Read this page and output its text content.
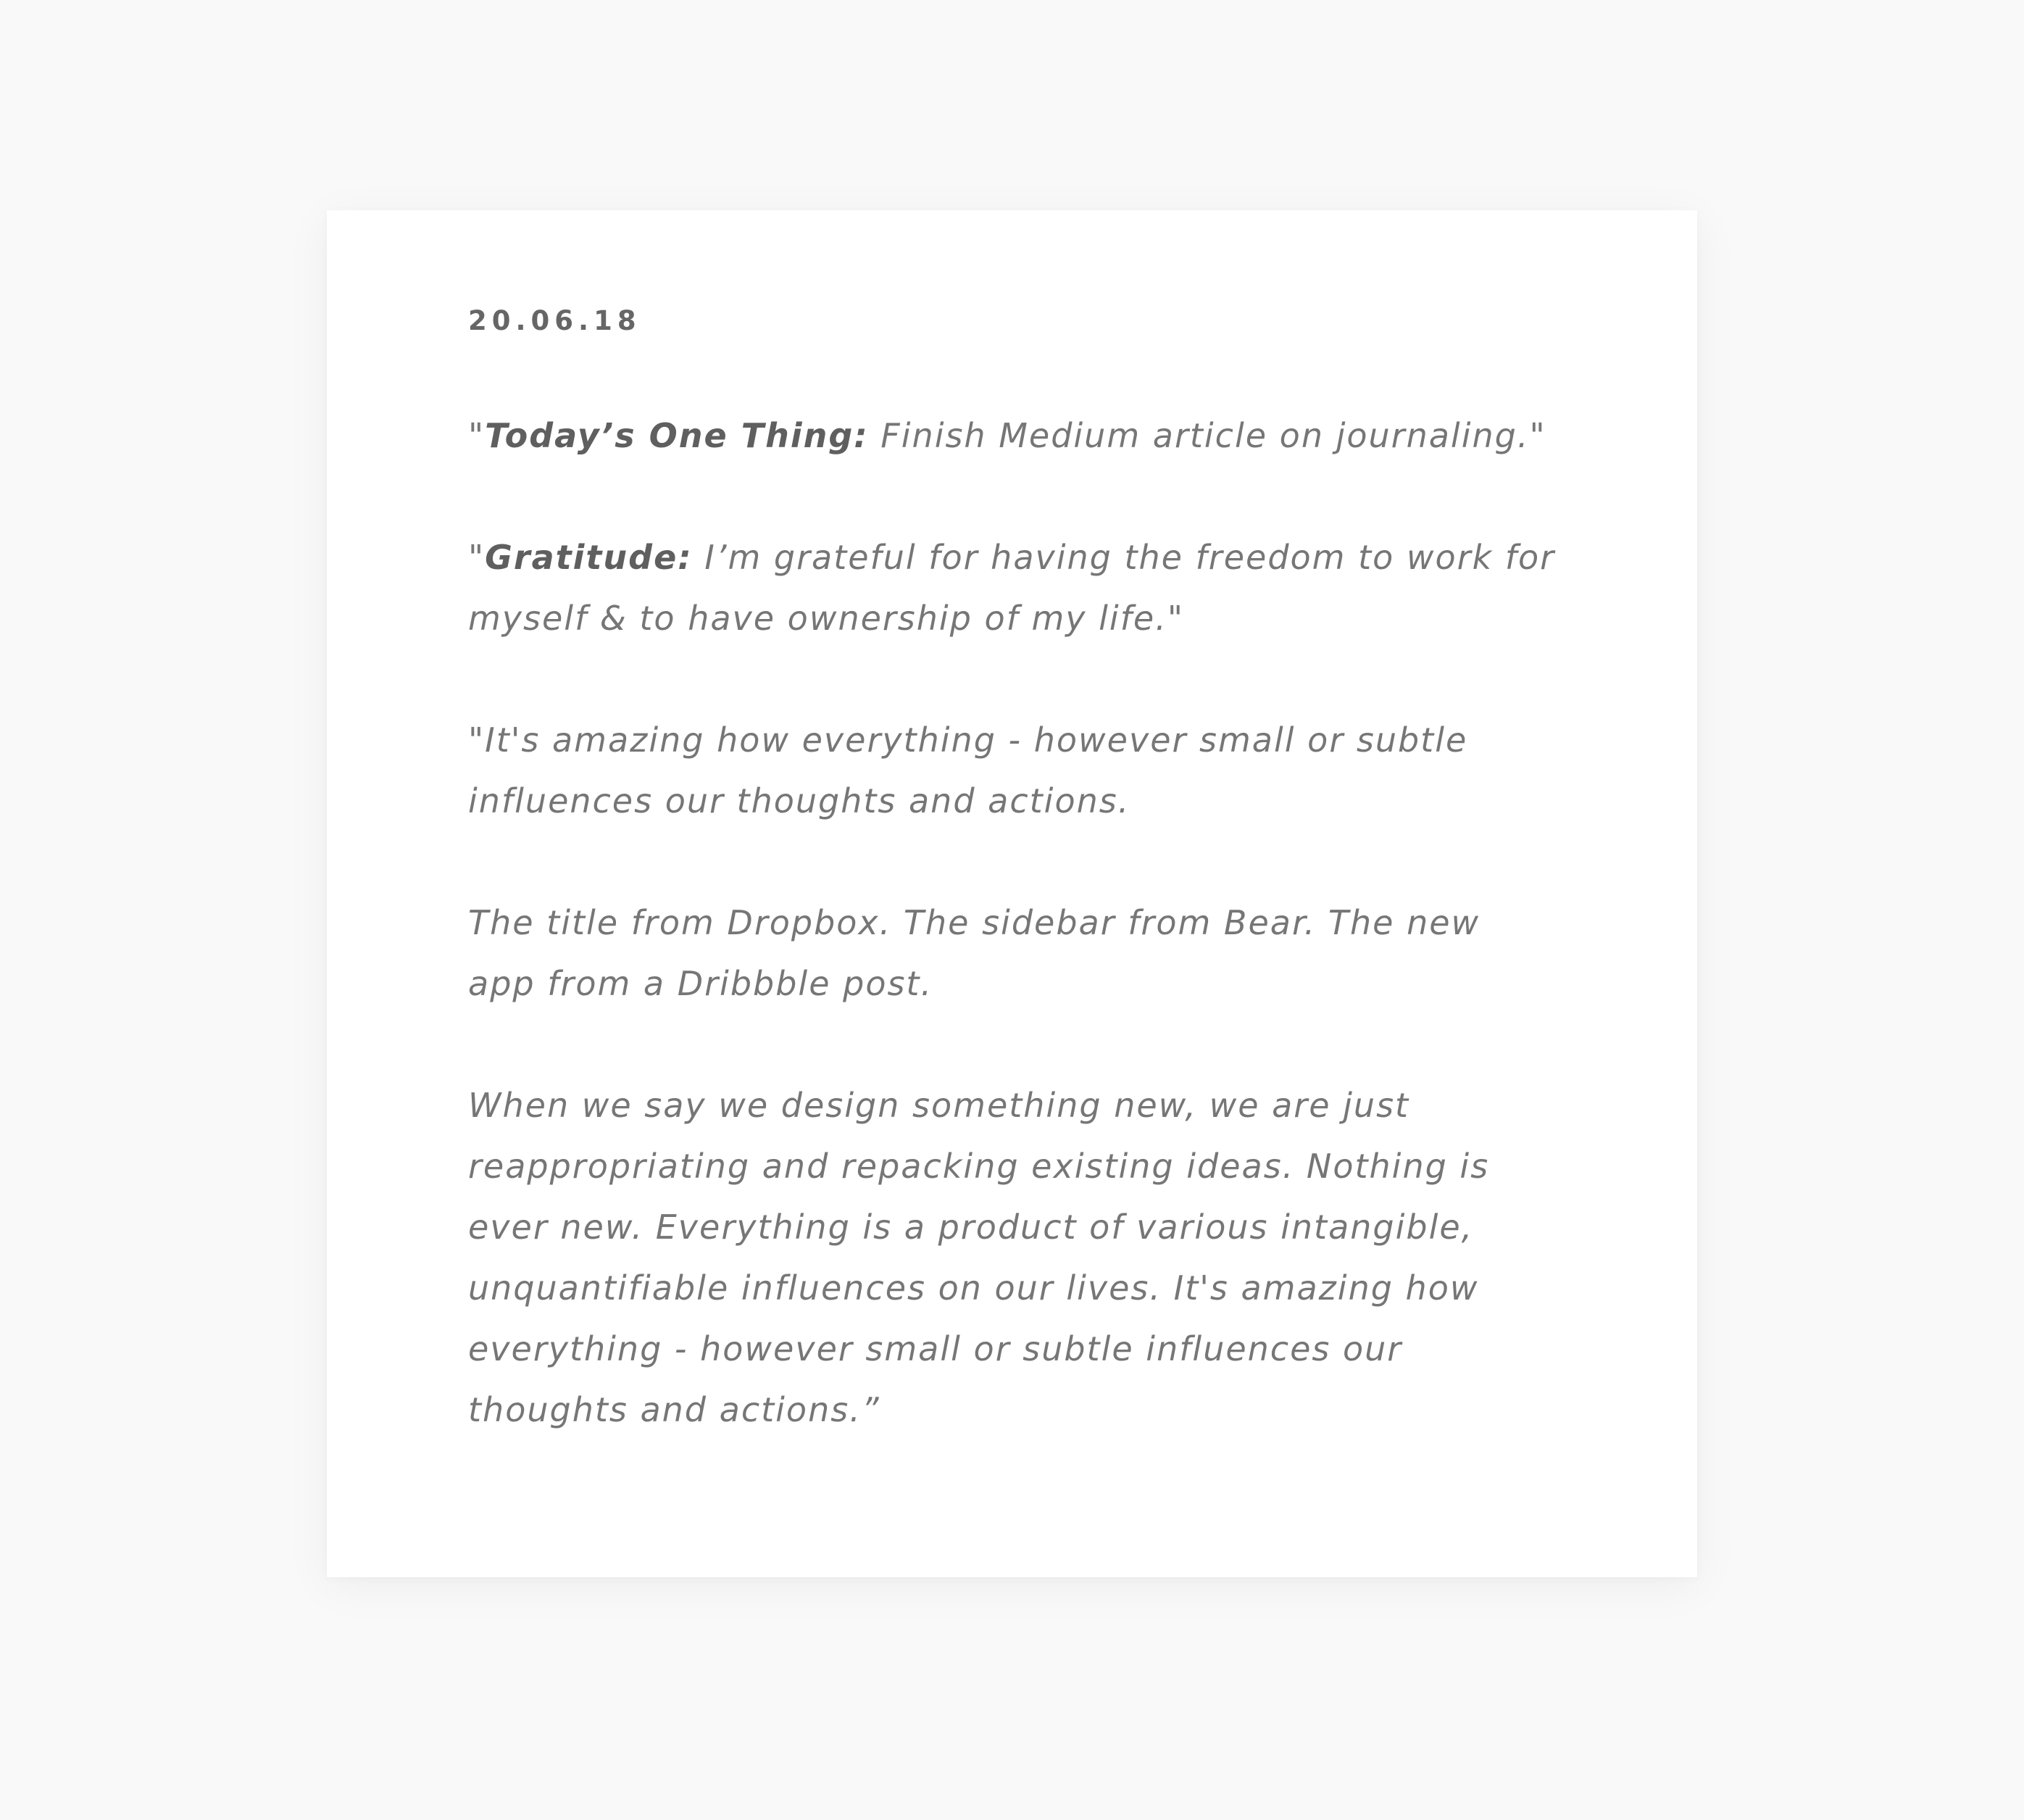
20.06.18

"Today’s One Thing: Finish Medium article on journaling."

"Gratitude: I’m grateful for having the freedom to work for myself & to have ownership of my life."

"It's amazing how everything - however small or subtle influences our thoughts and actions.

The title from Dropbox. The sidebar from Bear. The new app from a Dribbble post.

When we say we design something new, we are just reappropriating and repacking existing ideas. Nothing is ever new. Everything is a product of various intangible, unquantifiable influences on our lives. It's amazing how everything - however small or subtle influences our thoughts and actions.”
